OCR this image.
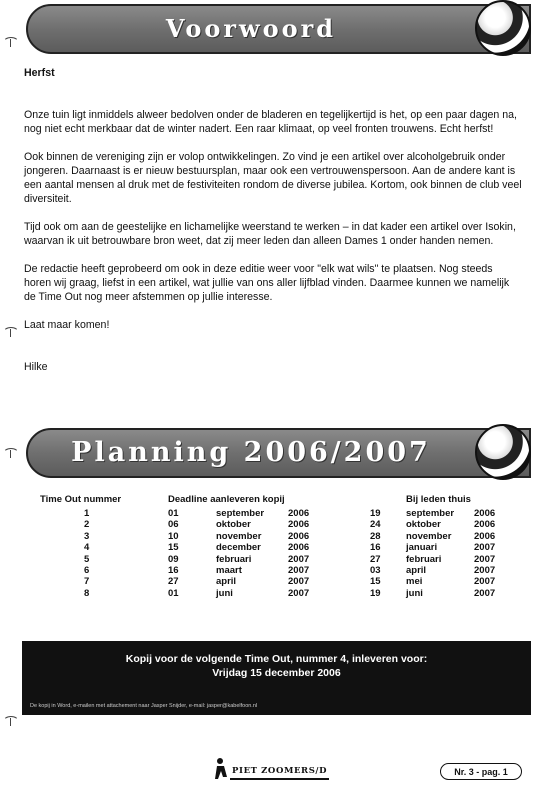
Voorwoord

Herfst

Onze tuin ligt inmiddels alweer bedolven onder de bladeren en tegelijkertijd is het, op een paar dagen na, nog niet echt merkbaar dat de winter nadert. Een raar klimaat, op veel fronten trouwens. Echt herfst!

Ook binnen de vereniging zijn er volop ontwikkelingen. Zo vind je een artikel over alcoholgebruik onder jongeren. Daarnaast is er nieuw bestuursplan, maar ook een vertrouwenspersoon. Aan de andere kant is een aantal mensen al druk met de festiviteiten rondom de diverse jubilea. Kortom, ook binnen de club veel diversiteit.

Tijd ook om aan de geestelijke en lichamelijke weerstand te werken – in dat kader een artikel over Isokin, waarvan ik uit betrouwbare bron weet, dat zij meer leden dan alleen Dames 1 onder handen nemen.

De redactie heeft geprobeerd om ook in deze editie weer voor "elk wat wils" te plaatsen. Nog steeds horen wij graag, liefst in een artikel, wat jullie van ons aller lijfblad vinden. Daarmee kunnen we namelijk de Time Out nog meer afstemmen op jullie interesse.

Laat maar komen!

Hilke

Planning 2006/2007
Time Out nummer	Deadline aanleveren kopij			Bij leden thuis		
1	01	september	2006	19	september	2006
2	06	oktober	2006	24	oktober	2006
3	10	november	2006	28	november	2006
4	15	december	2006	16	januari	2007
5	09	februari	2007	27	februari	2007
6	16	maart	2007	03	april	2007
7	27	april	2007	15	mei	2007
8	01	juni	2007	19	juni	2007
Kopij voor de volgende Time Out, nummer 4, inleveren voor:
Vrijdag 15 december 2006
De kopij in Word, e-mailen met attachement naar Jasper Snijder, e-mail: jasper@kabelfoon.nl
PIET ZOOMERS/D	Nr. 3 - pag. 1
